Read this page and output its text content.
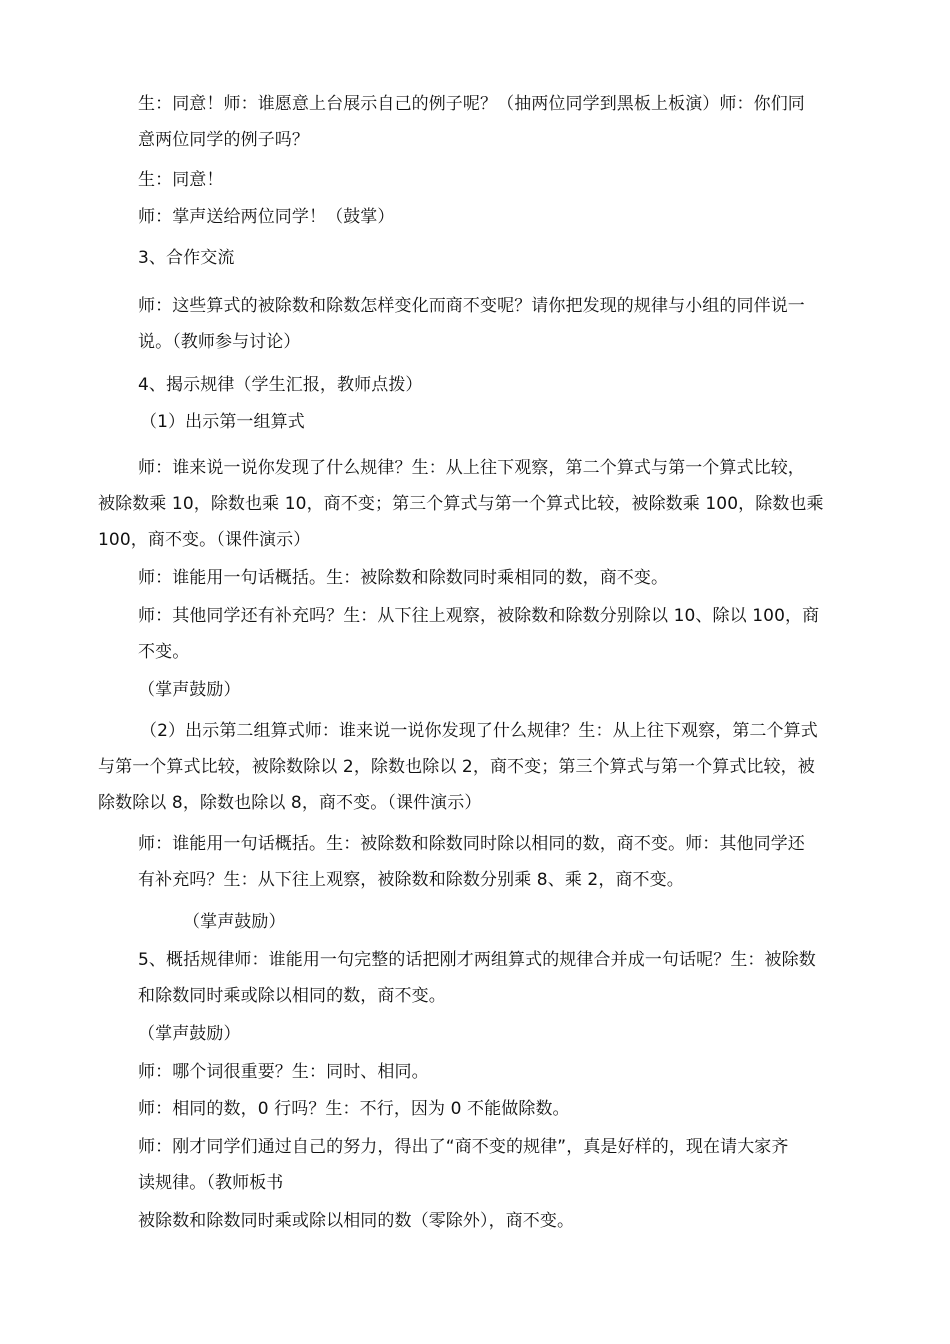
生：同意！师：谁愿意上台展示自己的例子呢？（抽两位同学到黑板上板演）师：你们同
意两位同学的例子吗？
生：同意！
师：掌声送给两位同学！（鼓掌）
3、合作交流
师：这些算式的被除数和除数怎样变化而商不变呢？请你把发现的规律与小组的同伴说一
说。（教师参与讨论）
4、揭示规律（学生汇报，教师点拨）
（1）出示第一组算式
师：谁来说一说你发现了什么规律？生：从上往下观察，第二个算式与第一个算式比较，
被除数乘 10，除数也乘 10，商不变；第三个算式与第一个算式比较，被除数乘 100，除数也乘
100，商不变。（课件演示）
师：谁能用一句话概括。生：被除数和除数同时乘相同的数，商不变。
师：其他同学还有补充吗？生：从下往上观察，被除数和除数分别除以 10、除以 100，商
不变。
（掌声鼓励）
（2）出示第二组算式师：谁来说一说你发现了什么规律？生：从上往下观察，第二个算式
与第一个算式比较，被除数除以 2，除数也除以 2，商不变；第三个算式与第一个算式比较，被
除数除以 8，除数也除以 8，商不变。（课件演示）
师：谁能用一句话概括。生：被除数和除数同时除以相同的数，商不变。师：其他同学还
有补充吗？生：从下往上观察，被除数和除数分别乘 8、乘 2，商不变。
（掌声鼓励）
5、概括规律师：谁能用一句完整的话把刚才两组算式的规律合并成一句话呢？生：被除数
和除数同时乘或除以相同的数，商不变。
（掌声鼓励）
师：哪个词很重要？生：同时、相同。
师：相同的数，0 行吗？生：不行，因为 0 不能做除数。
师：刚才同学们通过自己的努力，得出了“商不变的规律”，真是好样的，现在请大家齐
读规律。（教师板书
被除数和除数同时乘或除以相同的数（零除外），商不变。
